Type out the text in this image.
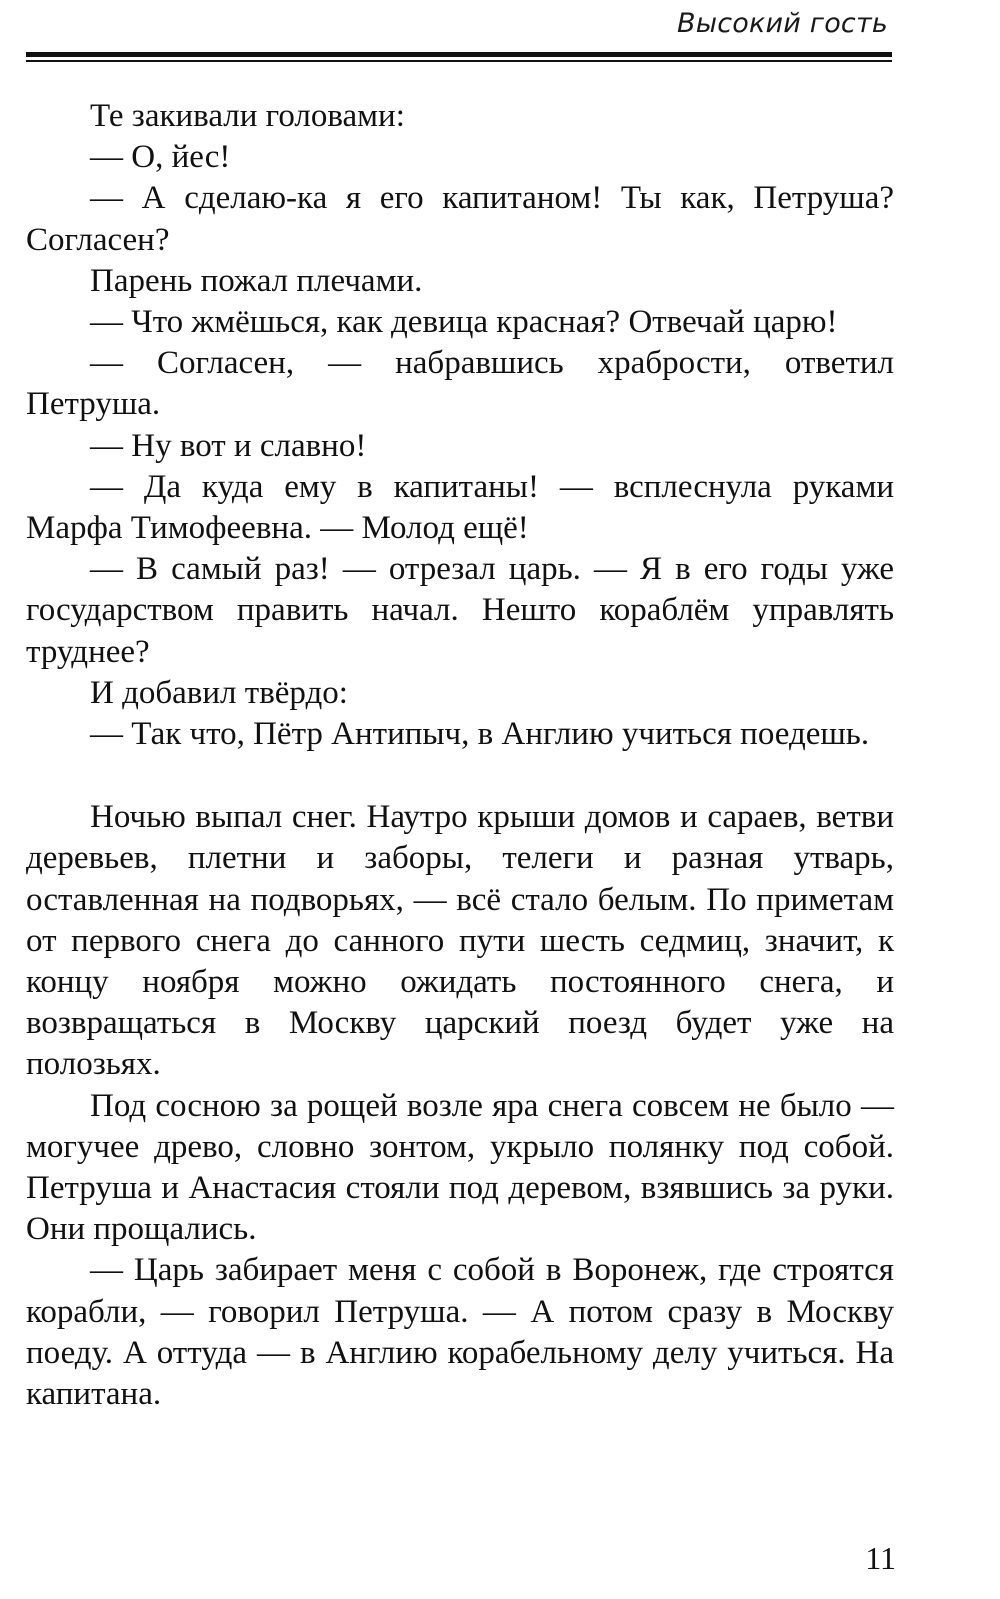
Высокий гость

Те закивали головами:

— О, йес!

— А сделаю-ка я его капитаном! Ты как, Петруша? Согласен?

Парень пожал плечами.

— Что жмёшься, как девица красная? Отвечай царю!

— Согласен, — набравшись храбрости, ответил Петруша.

— Ну вот и славно!

— Да куда ему в капитаны! — всплеснула руками Марфа Тимофеевна. — Молод ещё!

— В самый раз! — отрезал царь. — Я в его годы уже государством править начал. Нешто кораблём управлять труднее?

И добавил твёрдо:

— Так что, Пётр Антипыч, в Англию учиться поедешь.

Ночью выпал снег. Наутро крыши домов и сараев, ветви деревьев, плетни и заборы, телеги и разная утварь, оставленная на подворьях, — всё стало белым. По приметам от первого снега до санного пути шесть седмиц, значит, к концу ноября можно ожидать постоянного снега, и возвращаться в Москву царский поезд будет уже на полозьях.

Под сосною за рощей возле яра снега совсем не было — могучее древо, словно зонтом, укрыло полянку под собой. Петруша и Анастасия стояли под деревом, взявшись за руки. Они прощались.

— Царь забирает меня с собой в Воронеж, где строятся корабли, — говорил Петруша. — А потом сразу в Москву поеду. А оттуда — в Англию корабельному делу учиться. На капитана.

11
